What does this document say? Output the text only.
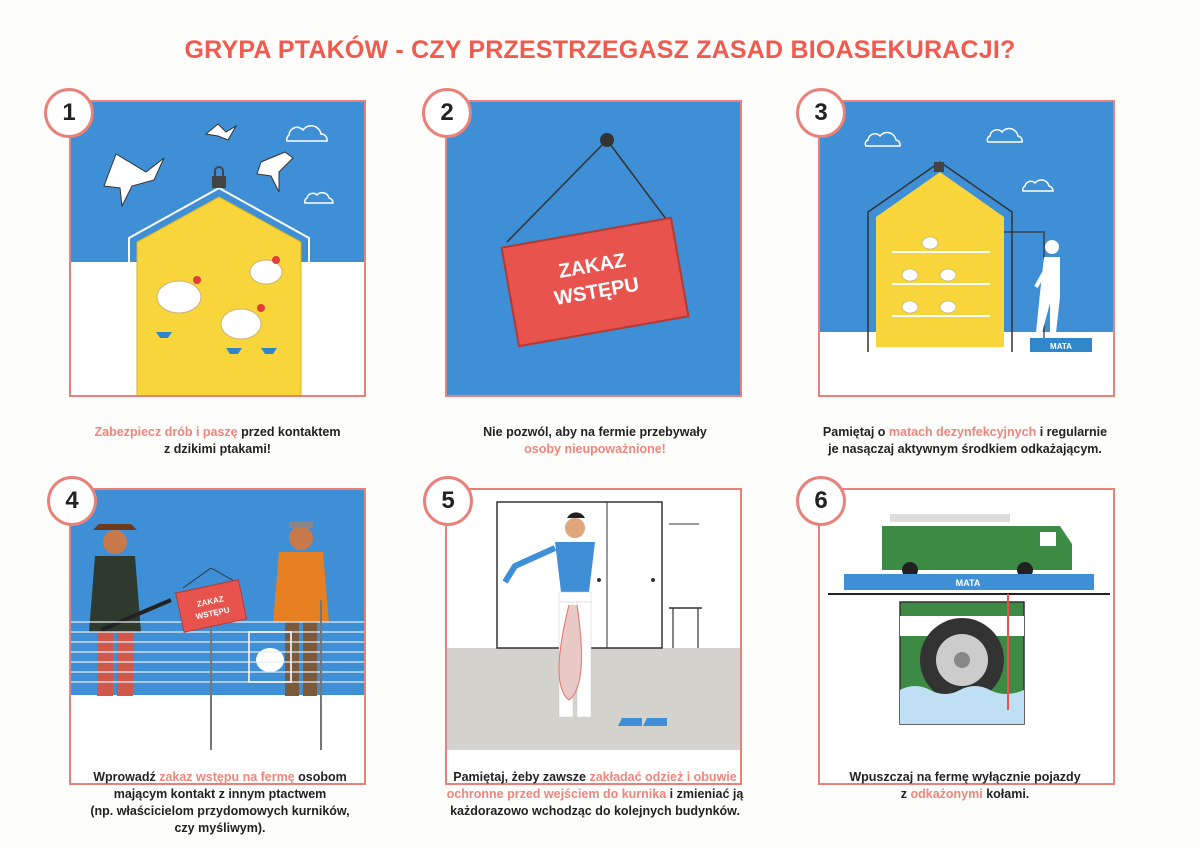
GRYPA PTAKÓW - CZY PRZESTRZEGASZ ZASAD BIOASEKURACJI?
1
Zabezpiecz drób i paszę przed kontaktem
z dzikimi ptakami!
ZAKAZ
WSTĘPU
2
Nie pozwól, aby na fermie przebywały
osoby nieupoważnione!
MATA
3
Pamiętaj o matach dezynfekcyjnych i regularnie
je nasączaj aktywnym środkiem odkażającym.
ZAKAZ
WSTĘPU
4
Wprowadź zakaz wstępu na fermę osobom
mającym kontakt z innym ptactwem
(np. właścicielom przydomowych kurników,
czy myśliwym).
5
Pamiętaj, żeby zawsze zakładać odzież i obuwie
ochronne przed wejściem do kurnika i zmieniać ją
każdorazowo wchodząc do kolejnych budynków.
MATA
6
Wpuszczaj na fermę wyłącznie pojazdy
z odkażonymi kołami.
